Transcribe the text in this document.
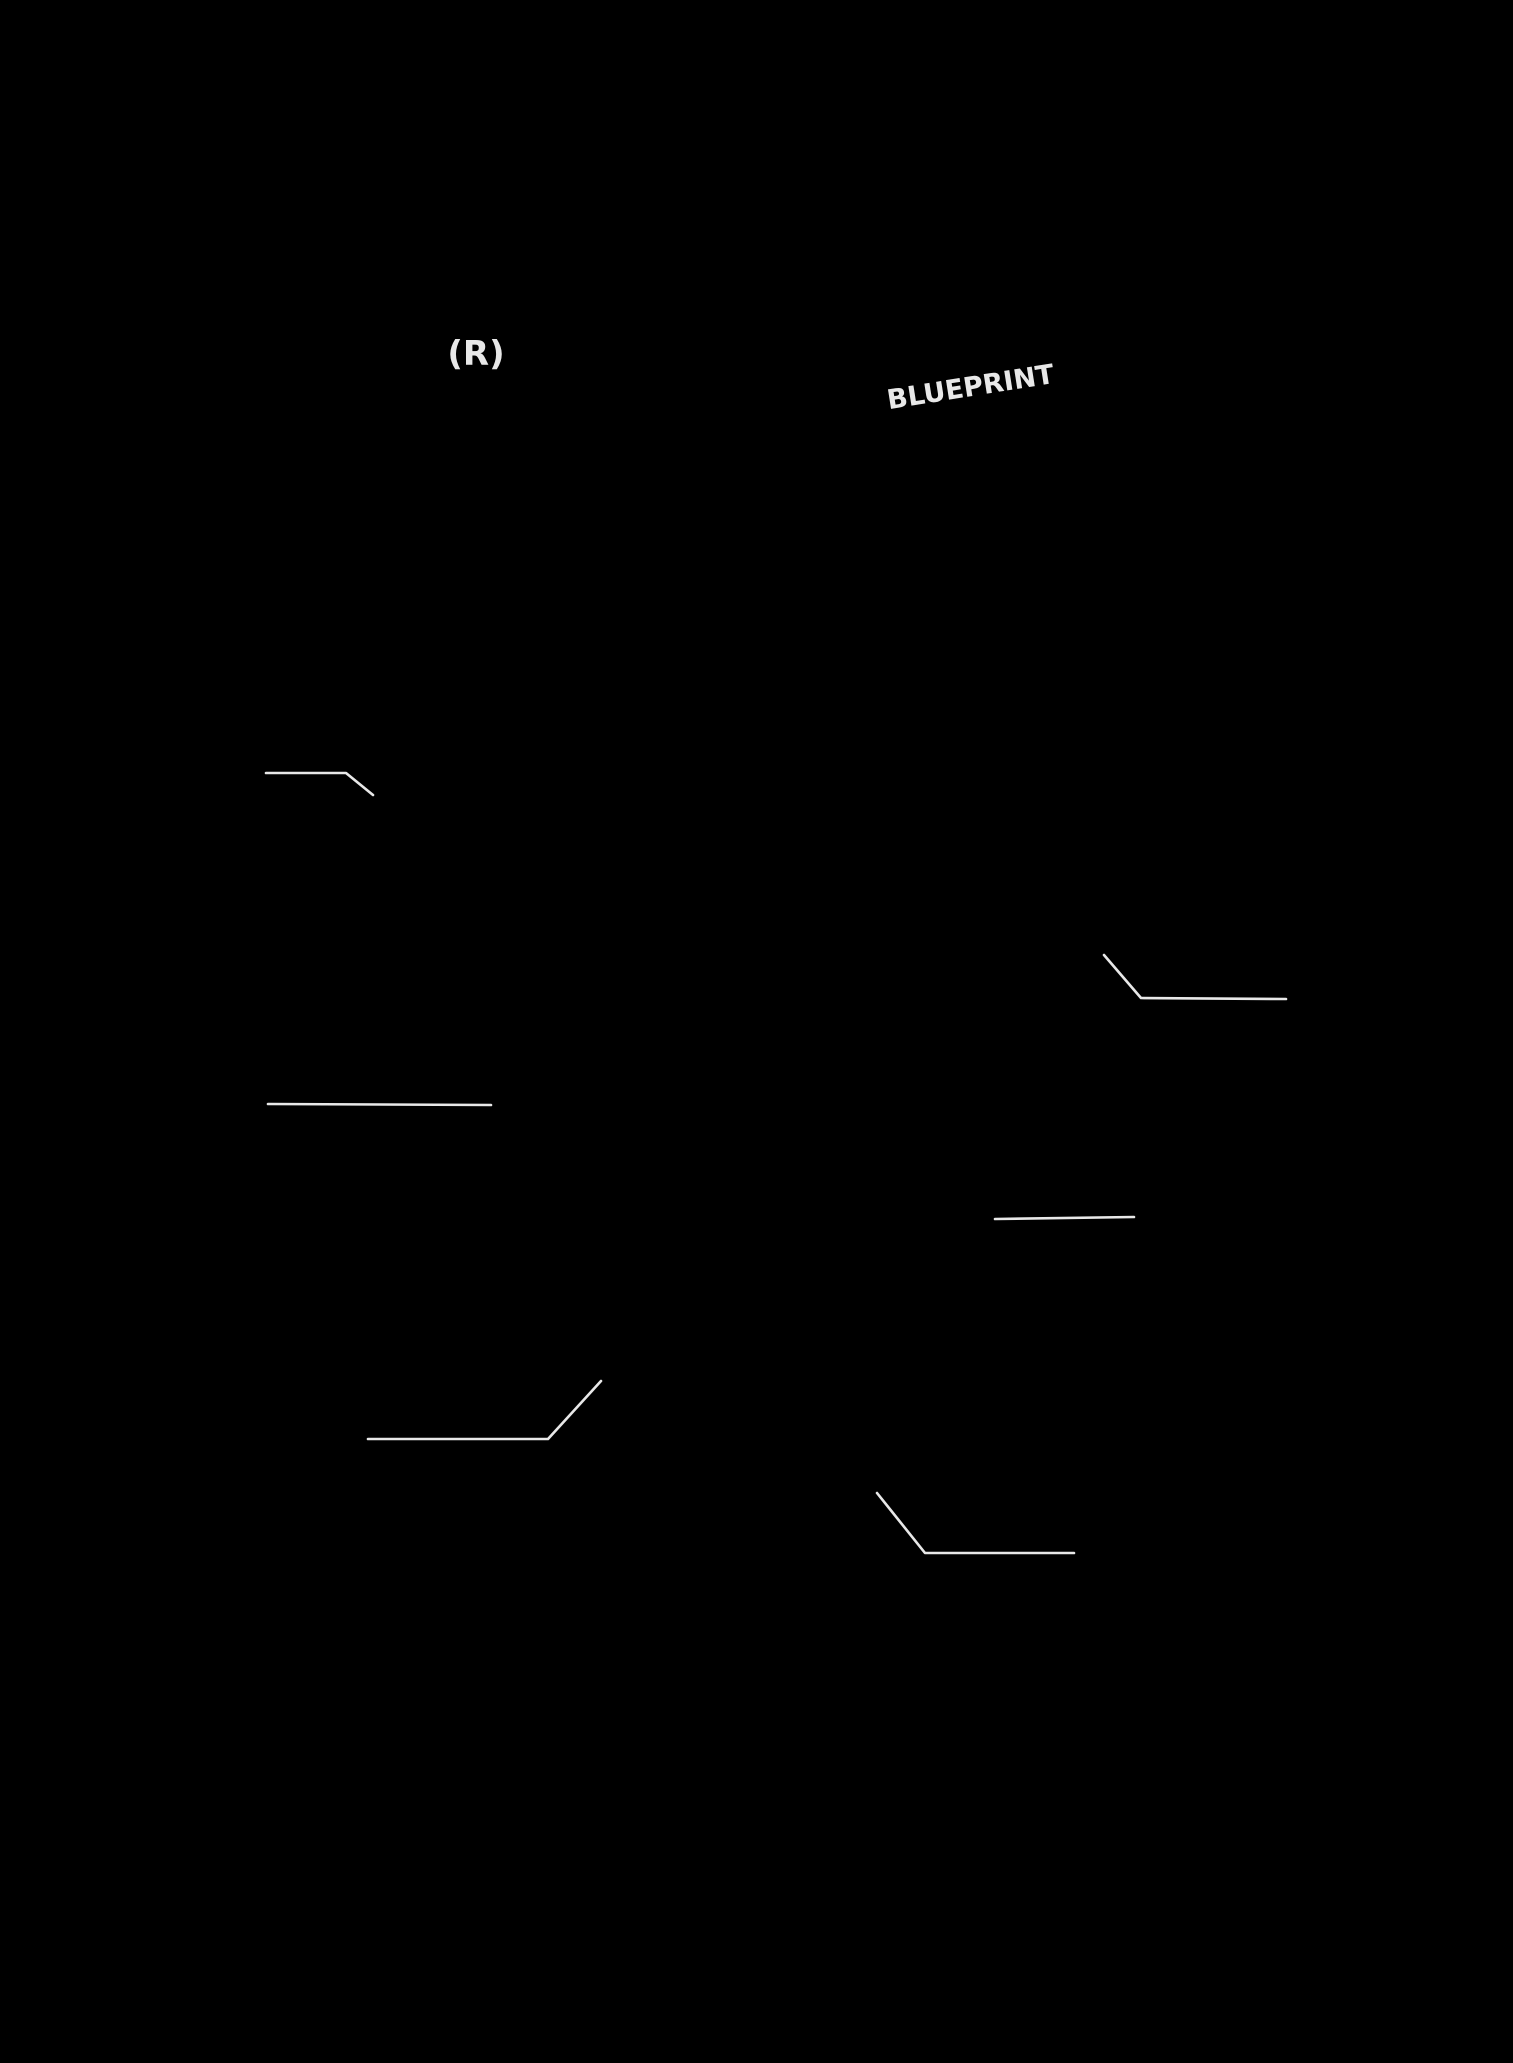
(R)
BLUEPRINT
